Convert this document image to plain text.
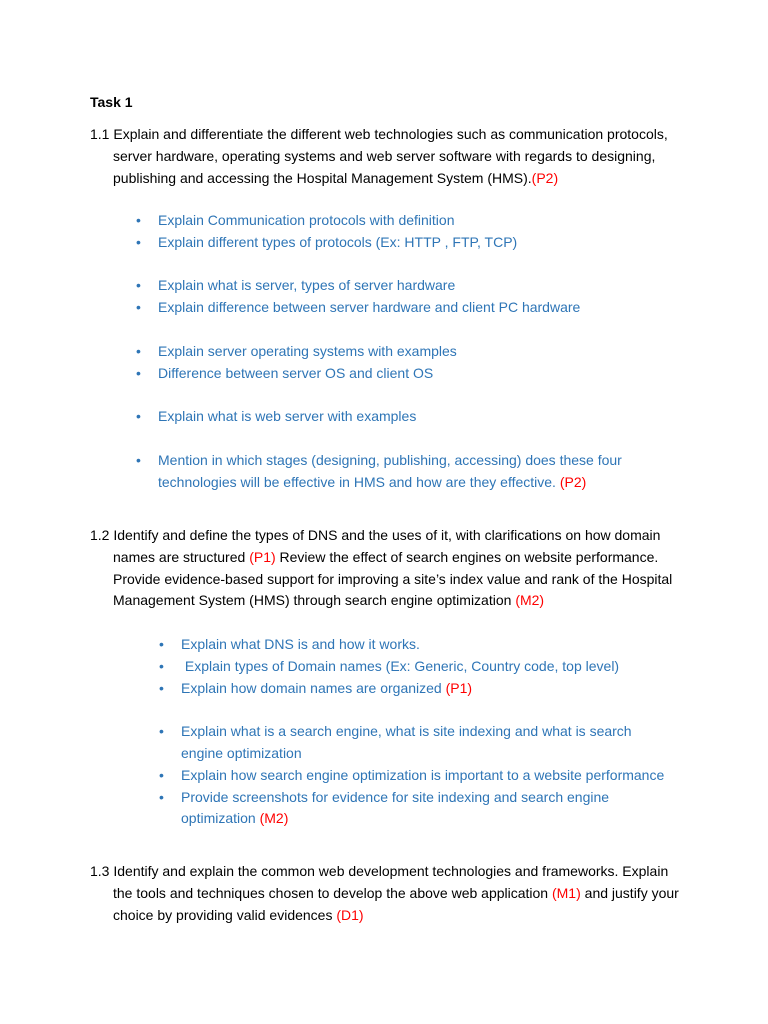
Task 1
1.1 Explain and differentiate the different web technologies such as communication protocols, server hardware, operating systems and web server software with regards to designing, publishing and accessing the Hospital Management System (HMS).(P2)
• Explain Communication protocols with definition
• Explain different types of protocols (Ex: HTTP , FTP, TCP)
• Explain what is server, types of server hardware
• Explain difference between server hardware and client PC hardware
• Explain server operating systems with examples
• Difference between server OS and client OS
• Explain what is web server with examples
• Mention in which stages (designing, publishing, accessing) does these four technologies will be effective in HMS and how are they effective. (P2)
1.2 Identify and define the types of DNS and the uses of it, with clarifications on how domain names are structured (P1) Review the effect of search engines on website performance. Provide evidence-based support for improving a site’s index value and rank of the Hospital Management System (HMS) through search engine optimization (M2)
• Explain what DNS is and how it works.
• Explain types of Domain names (Ex: Generic, Country code, top level)
• Explain how domain names are organized (P1)
• Explain what is a search engine, what is site indexing and what is search engine optimization
• Explain how search engine optimization is important to a website performance
• Provide screenshots for evidence for site indexing and search engine optimization (M2)
1.3 Identify and explain the common web development technologies and frameworks. Explain the tools and techniques chosen to develop the above web application (M1) and justify your choice by providing valid evidences (D1)
